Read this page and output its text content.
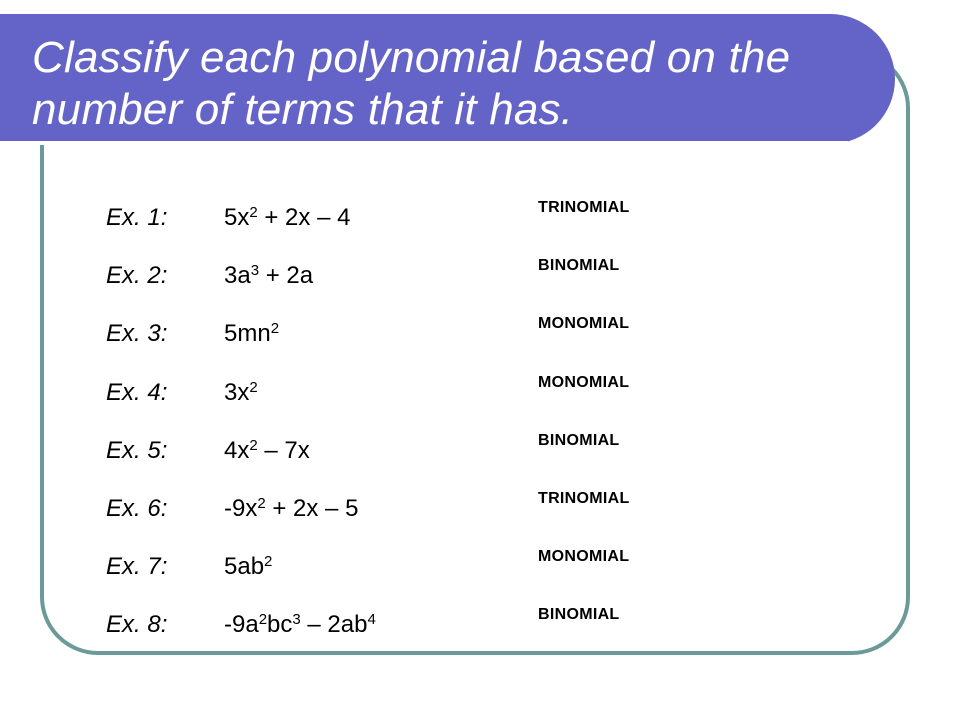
Classify each polynomial based on the number of terms that it has.
Ex. 1: $5x^2 + 2x - 4$	TRINOMIAL
Ex. 2: $3a^3 + 2a$	BINOMIAL
Ex. 3: $5mn^2$	MONOMIAL
Ex. 4: $3x^2$	MONOMIAL
Ex. 5: $4x^2 - 7x$	BINOMIAL
Ex. 6: $-9x^2 + 2x - 5$	TRINOMIAL
Ex. 7: $5ab^2$	MONOMIAL
Ex. 8: $-9a^2bc^3 - 2ab^4$	BINOMIAL
